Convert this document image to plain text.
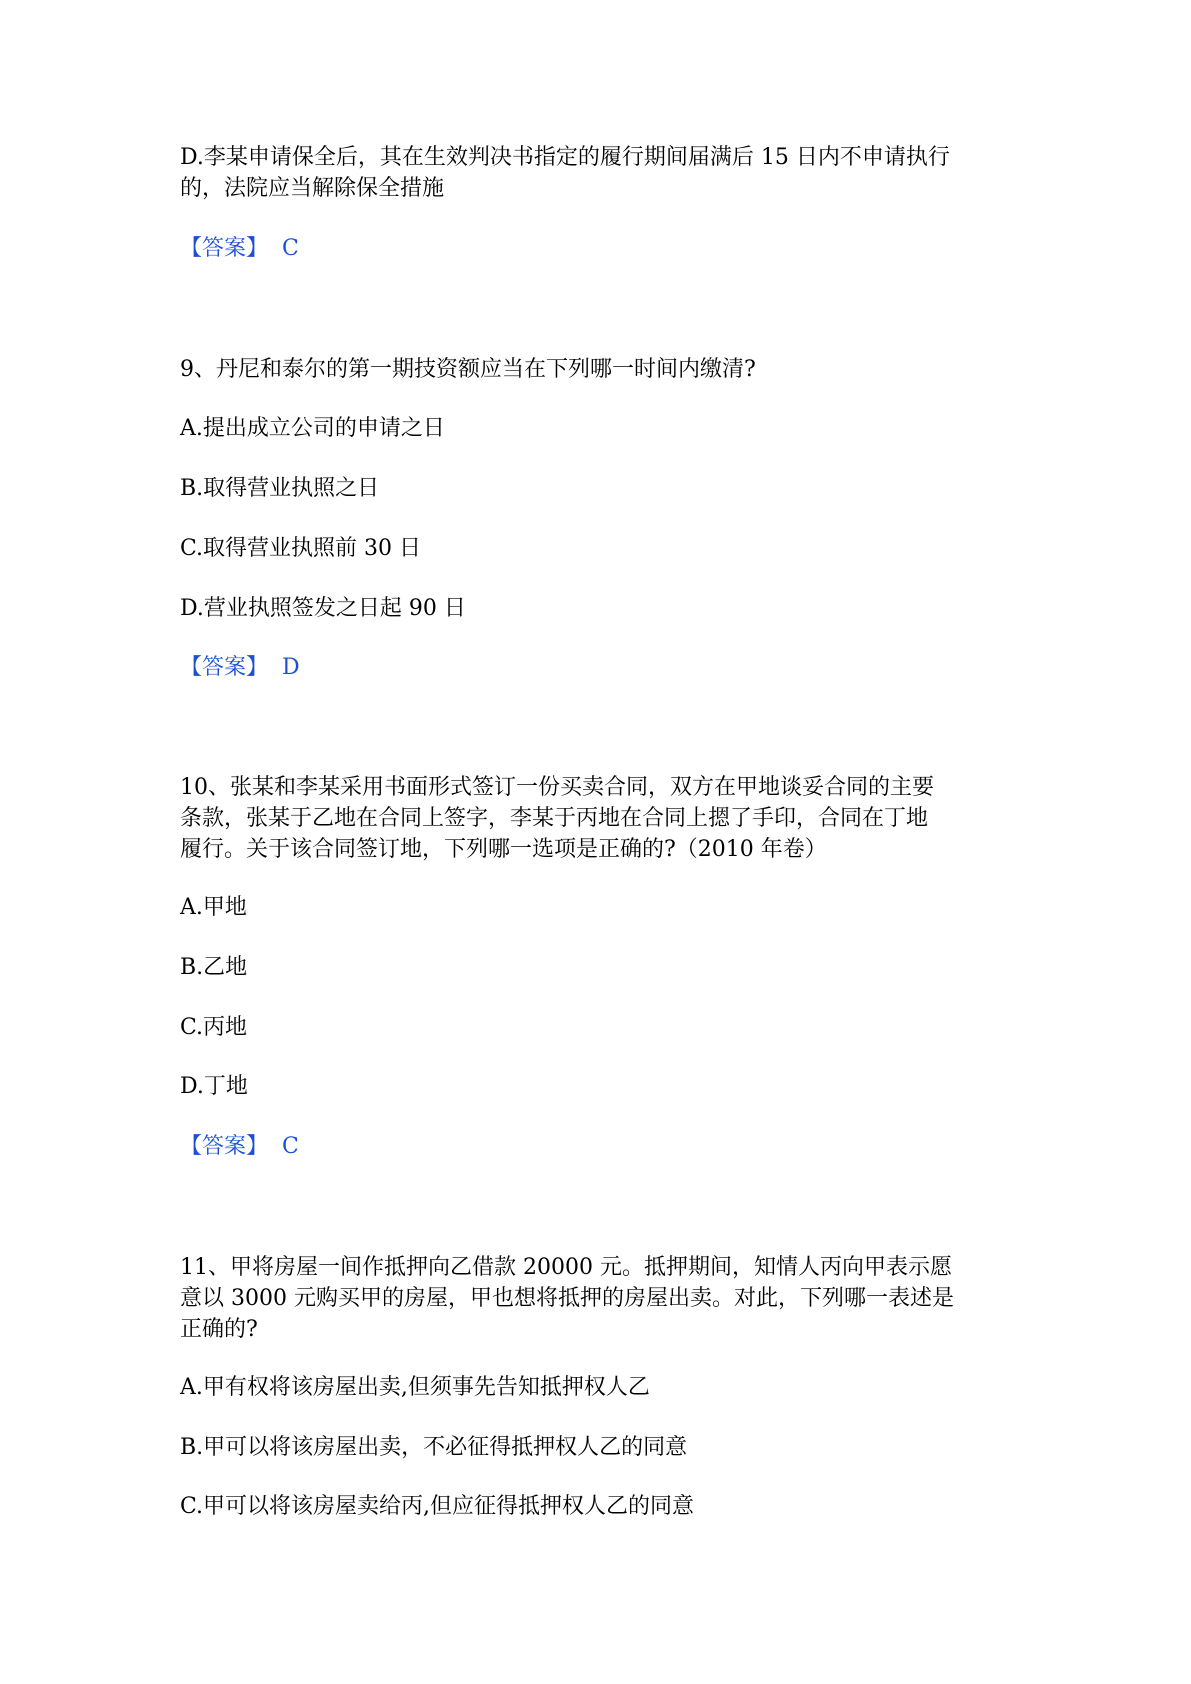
D.李某申请保全后，其在生效判决书指定的履行期间届满后 15 日内不申请执行

的，法院应当解除保全措施

【答案】 C

9、丹尼和泰尔的第一期技资额应当在下列哪一时间内缴清?

A.提出成立公司的申请之日

B.取得营业执照之日

C.取得营业执照前 30 日

D.营业执照签发之日起 90 日

【答案】 D

10、张某和李某采用书面形式签订一份买卖合同，双方在甲地谈妥合同的主要

条款，张某于乙地在合同上签字，李某于丙地在合同上摁了手印，合同在丁地

履行。关于该合同签订地，下列哪一选项是正确的?（2010 年卷）

A.甲地

B.乙地

C.丙地

D.丁地

【答案】 C

11、甲将房屋一间作抵押向乙借款 20000 元。抵押期间，知情人丙向甲表示愿

意以 3000 元购买甲的房屋，甲也想将抵押的房屋出卖。对此，下列哪一表述是

正确的?

A.甲有权将该房屋出卖,但须事先告知抵押权人乙

B.甲可以将该房屋出卖，不必征得抵押权人乙的同意

C.甲可以将该房屋卖给丙,但应征得抵押权人乙的同意
